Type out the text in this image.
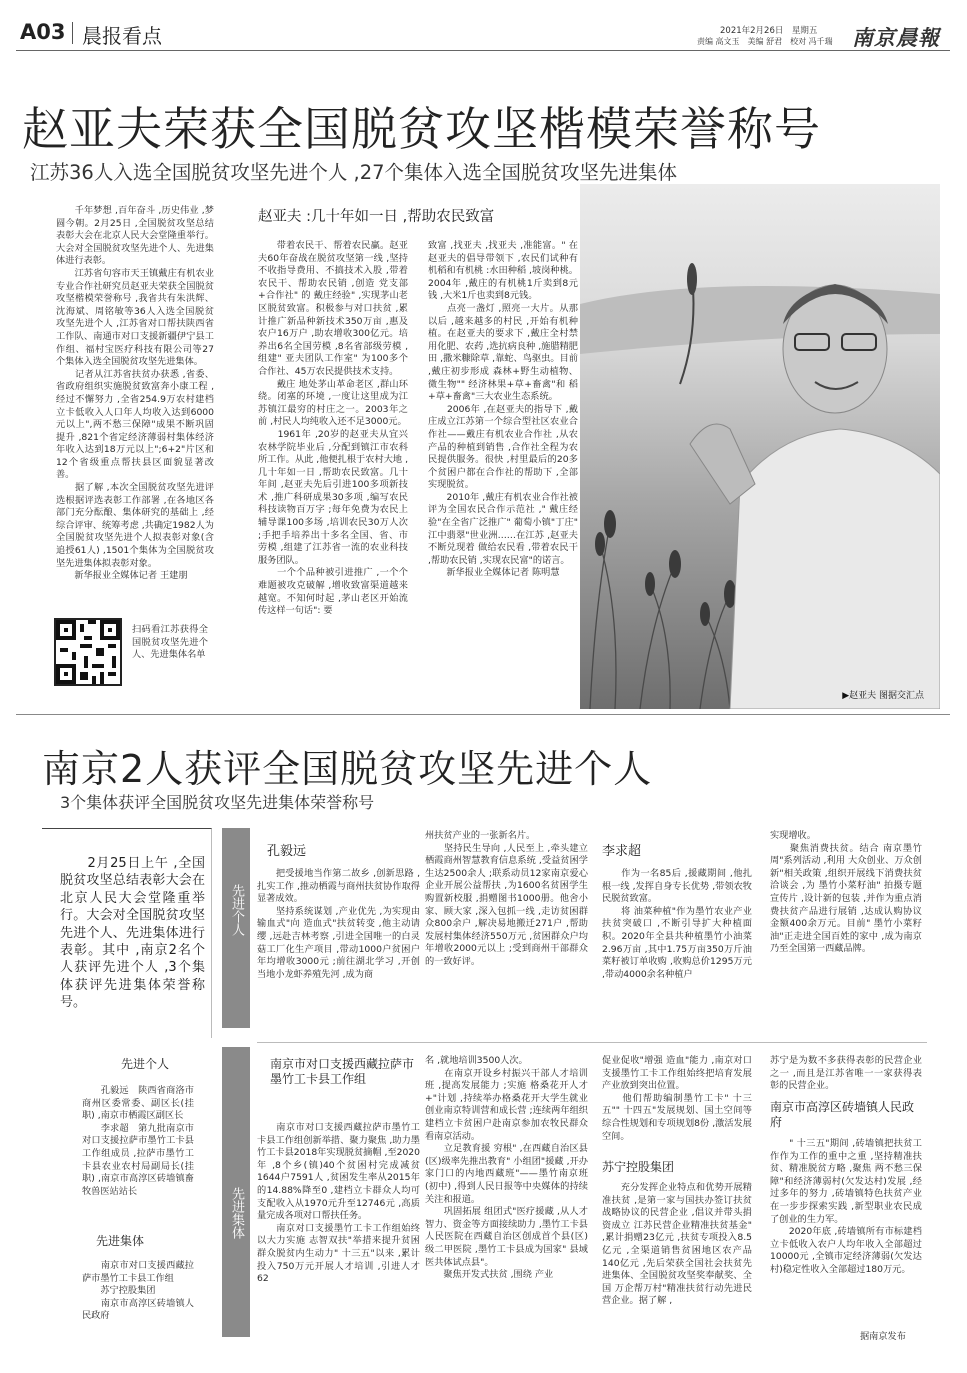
A03 晨报看点	2021年2月26日　 星期五
责编 高文玉　美编 舒君　校对 冯千瑞 南京晨報
赵亚夫荣获全国脱贫攻坚楷模荣誉称号
江苏36人入选全国脱贫攻坚先进个人 ,27个集体入选全国脱贫攻坚先进集体
▶赵亚夫 图据交汇点
　　千年梦想 ,百年奋斗 ,历史伟业 ,梦圆今朝。2月25日 ,全国脱贫攻坚总结表彰大会在北京人民大会堂隆重举行。大会对全国脱贫攻坚先进个人、先进集体进行表彰。
　　江苏省句容市天王镇戴庄有机农业专业合作社研究员赵亚夫荣获全国脱贫攻坚楷模荣誉称号 ,我省共有朱洪辉、沈海斌、周铭敏等36人入选全国脱贫攻坚先进个人 ,江苏省对口帮扶陕西省工作队、南通市对口支援新疆伊宁县工作组、福村宝医疗科技有限公司等27个集体入选全国脱贫攻坚先进集体。
　　记者从江苏省扶贫办获悉 ,省委、省政府组织实施脱贫致富奔小康工程 ,经过不懈努力 ,全省254.9万农村建档立卡低收入人口年人均收入达到6000元以上",两不愁三保障"成果不断巩固提升 ,821个省定经济薄弱村集体经济年收入达到18万元以上";6+2"片区和12个省级重点帮扶县区面貌显著改善。
　　据了解 ,本次全国脱贫攻坚先进评选根据评选表彰工作部署 ,在各地区各部门充分酝酿、集体研究的基础上 ,经综合评审、统筹考虑 ,共确定1982人为全国脱贫攻坚先进个人拟表彰对象(含追授61人) ,1501个集体为全国脱贫攻坚先进集体拟表彰对象。
　　新华报业全媒体记者 王建朋
扫码看江苏获得全国脱贫攻坚先进个人、先进集体名单
赵亚夫 :几十年如一日 ,帮助农民致富
　　带着农民干、帮着农民赢。赵亚夫60年奋战在脱贫攻坚第一线 ,坚持不收指导费用、不搞技术入股 ,带着农民干、帮助农民销 ,创造 党支部+合作社" 的 戴庄经验" ,实现茅山老区脱贫致富。积极参与对口扶贫 ,累计推广新品种新技术350万亩 ,惠及农户16万户 ,助农增收300亿元。培养出6名全国劳模 ,8名省部级劳模 ,组建" 亚夫团队工作室" 为100多个合作社、45万农民提供技术支持。
　　戴庄 地处茅山革命老区 ,群山环绕。闭塞的环境 ,一度让这里成为江苏镇江最穷的村庄之一。2003年之前 ,村民人均纯收入还不足3000元。
　　1961年 ,20岁的赵亚夫从宜兴农林学院毕业后 ,分配到镇江市农科所工作。从此 ,他便扎根于农村大地 ,几十年如一日 ,帮助农民致富。几十年间 ,赵亚夫先后引进100多项新技术 ,推广科研成果30多项 ,编写农民科技读物百万字 ;每年免费为农民上辅导课100多场 ,培训农民30万人次 ;手把手培养出十多名全国、省、市劳模 ,组建了江苏省一流的农业科技服务团队。
　　一个个品种被引进推广 ,一个个难题被攻克破解 ,增收致富渠道越来越宽。不知何时起 ,茅山老区开始流传这样一句话": 要
致富 ,找亚夫 ,找亚夫 ,准能富。" 在赵亚夫的倡导带领下 ,农民们试种有机稻和有机桃 :水田种稻 ,坡岗种桃。2004年 ,戴庄的有机桃1斤卖到8元钱 ,大米1斤也卖到8元钱。
　　点亮一盏灯 ,照亮一大片。从那以后 ,越来越多的村民 ,开始有机种植。在赵亚夫的要求下 ,戴庄全村禁用化肥、农药 ,选抗病良种 ,施腊精肥田 ,撒米糠除草 ,靠蛇、鸟驱虫。目前 ,戴庄初步形成 森林+野生动植物、微生物"" 经济林果+草+畜禽"和 稻+草+畜禽"三大农业生态系统。
　　2006年 ,在赵亚夫的指导下 ,戴庄成立江苏第一个综合型社区农业合作社——戴庄有机农业合作社 ,从农产品的种植到销售 ,合作社全程为农民提供服务。很快 ,村里最后的20多个贫困户都在合作社的帮助下 ,全部实现脱贫。
　　2010年 ,戴庄有机农业合作社被评为全国农民合作示范社 ," 戴庄经验"在全省广泛推广" 葡萄小镇"丁庄" 江中翡翠"世业洲……在江苏 ,赵亚夫不断兑现着 做给农民看 ,带着农民干 ,帮助农民销 ,实现农民富"的诺言。
　　新华报业全媒体记者 陈明慧
南京2人获评全国脱贫攻坚先进个人
3个集体获评全国脱贫攻坚先进集体荣誉称号
　　2月25日上午 ,全国脱贫攻坚总结表彰大会在北京人民大会堂隆重举行。大会对全国脱贫攻坚先进个人、先进集体进行表彰。其中 ,南京2名个人获评先进个人 ,3个集体获评先进集体荣誉称号。
先进个人
　　孔毅远　陕西省商洛市商州区委常委、副区长(挂职) ,南京市栖霞区副区长
　　李求超　第九批南京市对口支援拉萨市墨竹工卡县工作组成员 ,拉萨市墨竹工卡县农业农村局副局长(挂职) ,南京市高淳区砖墙镇畜牧兽医站站长
先进集体
　　南京市对口支援西藏拉萨市墨竹工卡县工作组
　　苏宁控股集团
　　南京市高淳区砖墙镇人民政府
先进个人
先进集体
孔毅远
　　把受援地当作第二故乡 ,创新思路 ,扎实工作 ,推动栖霞与商州扶贫协作取得显著成效。
　　坚持系统谋划 ,产业优先 ,为实现由 输血式"向 造血式"扶贫转变 ,他主动请缨 ,远赴吉林考察 ,引进全国唯一的白灵菇工厂化生产项目 ,带动1000户贫困户年均增收3000元 ;前往湖北学习 ,开创当地小龙虾养殖先河 ,成为商
州扶贫产业的一张新名片。
　　坚持民生导向 ,人民至上 ,牵头建立栖霞商州智慧教育信息系统 ,受益贫困学生达2500余人 ;联系动员12家南京爱心企业开展公益帮扶 ,为1600名贫困学生购置新校服 ,捐赠图书1000册。他舍小家、顾大家 ,深入包抓一线 ,走访贫困群众800余户 ,解决易地搬迁271户 ,帮助发展村集体经济550万元 ,贫困群众户均年增收2000元以上 ;受到商州干部群众的一致好评。
李求超
　　作为一名85后 ,援藏期间 ,他扎根一线 ,发挥自身专长优势 ,带领农牧民脱贫致富。
　　将 油菜种植"作为墨竹农业产业扶贫突破口 ,不断引导扩大种植面积。2020年全县共种植墨竹小油菜2.96万亩 ,其中1.75万亩350万斤油菜籽被订单收购 ,收购总价1295万元 ,带动4000余名种植户
实现增收。
　　聚焦消费扶贫。结合 南京墨竹周"系列活动 ,利用 大众创业、万众创新"相关政策 ,组织开展线下消费扶贫洽谈会 ,为 墨竹小菜籽油" 拍摄专题宣传片 ,设计新的包装 ,并作为重点消费扶贫产品进行展销 ,达成认购协议金额400余万元。目前" 墨竹小菜籽油"正走进全国百姓的家中 ,成为南京乃至全国第一西藏品牌。
南京市对口支援西藏拉萨市墨竹工卡县工作组
　　南京市对口支援西藏拉萨市墨竹工卡县工作组创新举措、聚力聚焦 ,助力墨竹工卡县2018年实现脱贫摘帽 ,至2020年 ,8个乡(镇)40个贫困村完成减贫1644户7591人 ,贫困发生率从2015年的14.88%降至0 ,建档立卡群众人均可支配收入从1970元升至12746元 ,高质量完成各项对口帮扶任务。
　　南京对口支援墨竹工卡工作组始终以大力实施 志智双扶"举措来提升贫困群众脱贫内生动力" 十三五"以来 ,累计投入750万元开展人才培训 ,引进人才62
名 ,就地培训3500人次。
　　在南京开设乡村振兴干部人才培训班 ,提高发展能力 ;实施 格桑花开人才+"计划 ,持续举办格桑花开大学生就业创业南京特训营和成长营 ;连续两年组织建档立卡贫困户赴南京参加农牧民群众看南京活动。
　　立足教育援 穷根" ,在西藏自治区县(区)级率先推出教育" 小组团"援藏 ,开办 家门口的内地西藏班"——墨竹南京班(初中) ,得到人民日报等中央媒体的持续关注和报道。
　　巩固拓展 组团式"医疗援藏 ,从人才智力、资金等方面接续助力 ,墨竹工卡县人民医院在西藏自治区创成首个县(区)级二甲医院 ,墨竹工卡县成为国家" 县域医共体试点县"。
　　聚焦开发式扶贫 ,围绕 产业
促业促收"增强 造血"能力 ,南京对口支援墨竹工卡工作组始终把培育发展产业放到突出位置。
　　他们帮助编制墨竹工卡" 十三五"" 十四五"发展规划、国土空间等综合性规划和专项规划8份 ,激活发展空间。
苏宁控股集团
　　充分发挥企业特点和优势开展精准扶贫 ,是第一家与国扶办签订扶贫战略协议的民营企业 ,倡议并带头捐资成立 江苏民营企业精准扶贫基金" ,累计捐赠23亿元 ,扶贫专项投入8.5亿元 ,全渠道销售贫困地区农产品140亿元 ,先后荣获全国社会扶贫先进集体、全国脱贫攻坚奖奉献奖、全国 万企帮万村"精准扶贫行动先进民营企业。据了解 ,
苏宁是为数不多获得表彰的民营企业之一 ,而且是江苏省唯一一家获得表彰的民营企业。
南京市高淳区砖墙镇人民政府
　　" 十三五"期间 ,砖墙镇把扶贫工作作为工作的重中之重 ,坚持精准扶贫、精准脱贫方略 ,聚焦 两不愁三保障"和经济薄弱村(欠发达村)发展 ,经过多年的努力 ,砖墙镇特色扶贫产业在一步步探索实践 ,新型职业农民成了创业的生力军。
　　2020年底 ,砖墙镇所有市标建档立卡低收入农户人均年收入全部超过10000元 ,全镇市定经济薄弱(欠发达村)稳定性收入全部超过180万元。
据南京发布
